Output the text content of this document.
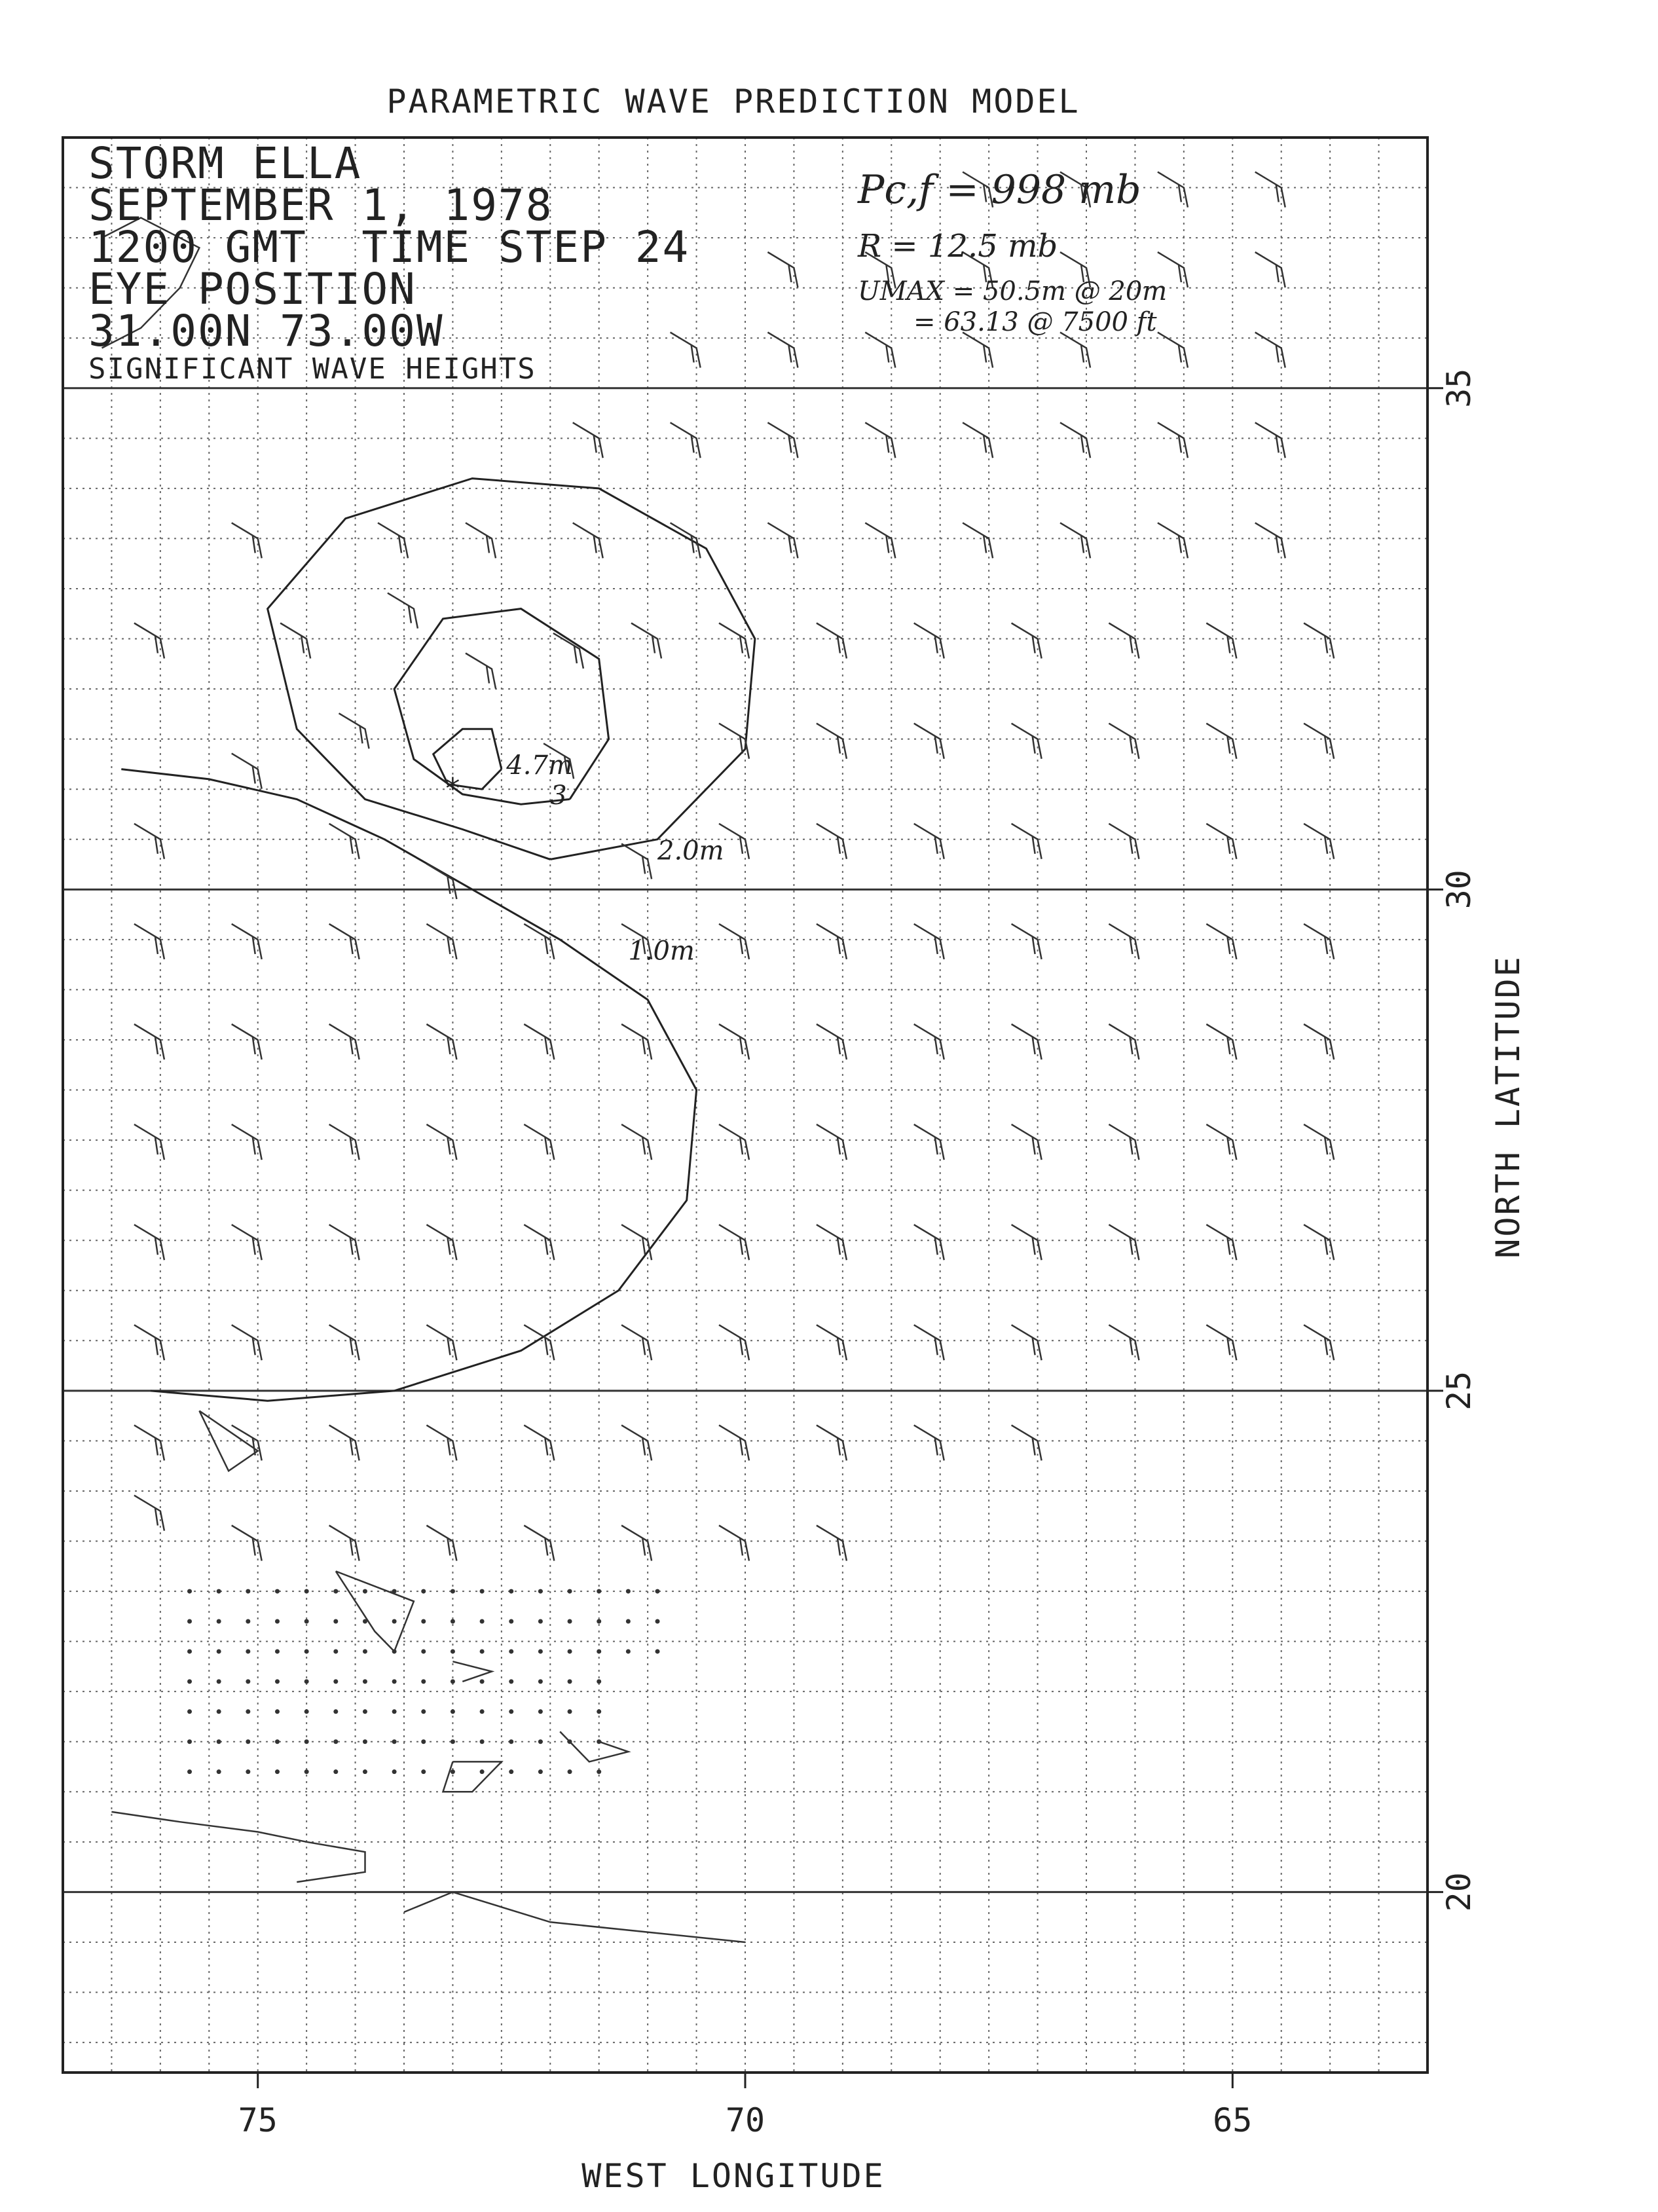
PARAMETRIC WAVE PREDICTION MODEL
1.0m
2.0m
3
4.7m
*
75	70	65
35
30
25
20
STORM ELLA
SEPTEMBER 1, 1978
1200 GMT  TIME STEP 24
EYE POSITION
31.00N 73.00W
SIGNIFICANT WAVE HEIGHTS
Pc,f = 998 mb
R = 12.5 mb
UMAX = 50.5m @ 20m
= 63.13 @ 7500 ft
WEST LONGITUDE
NORTH LATITUDE
